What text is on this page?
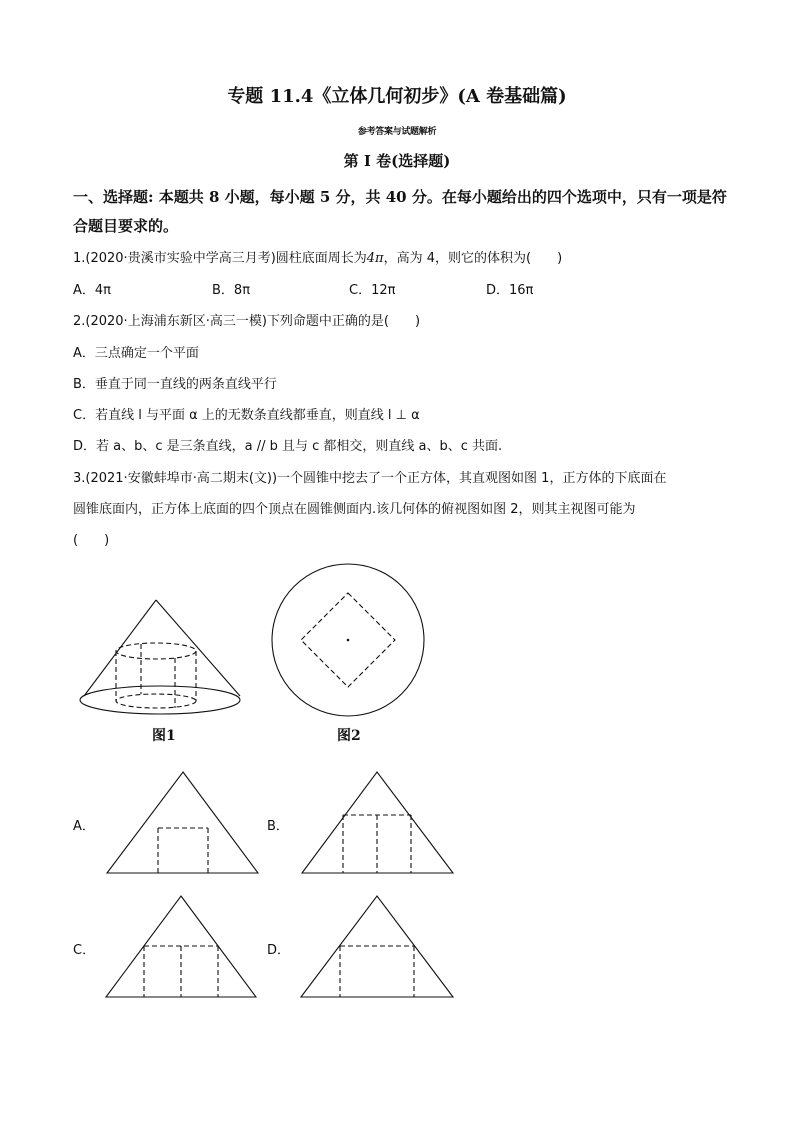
专题 11.4《立体几何初步》(A 卷基础篇)
参考答案与试题解析
第 I 卷(选择题)
一、选择题: 本题共 8 小题，每小题 5 分，共 40 分。在每小题给出的四个选项中，只有一项是符合题目要求的。
1.(2020·贵溪市实验中学高三月考)圆柱底面周长为4π，高为 4，则它的体积为(　　)
A．4π	B．8π	C．12π	D．16π
2.(2020·上海浦东新区·高三一模)下列命题中正确的是(　　)
A．三点确定一个平面
B．垂直于同一直线的两条直线平行
C．若直线 l 与平面 α 上的无数条直线都垂直，则直线 l ⊥ α
D．若 a、b、c 是三条直线，a // b 且与 c 都相交，则直线 a、b、c 共面.
3.(2021·安徽蚌埠市·高二期末(文))一个圆锥中挖去了一个正方体，其直观图如图 1，正方体的下底面在
圆锥底面内，正方体上底面的四个顶点在圆锥侧面内.该几何体的俯视图如图 2，则其主视图可能为
(　　)
图1	图2
A．	B．
C．	D．
